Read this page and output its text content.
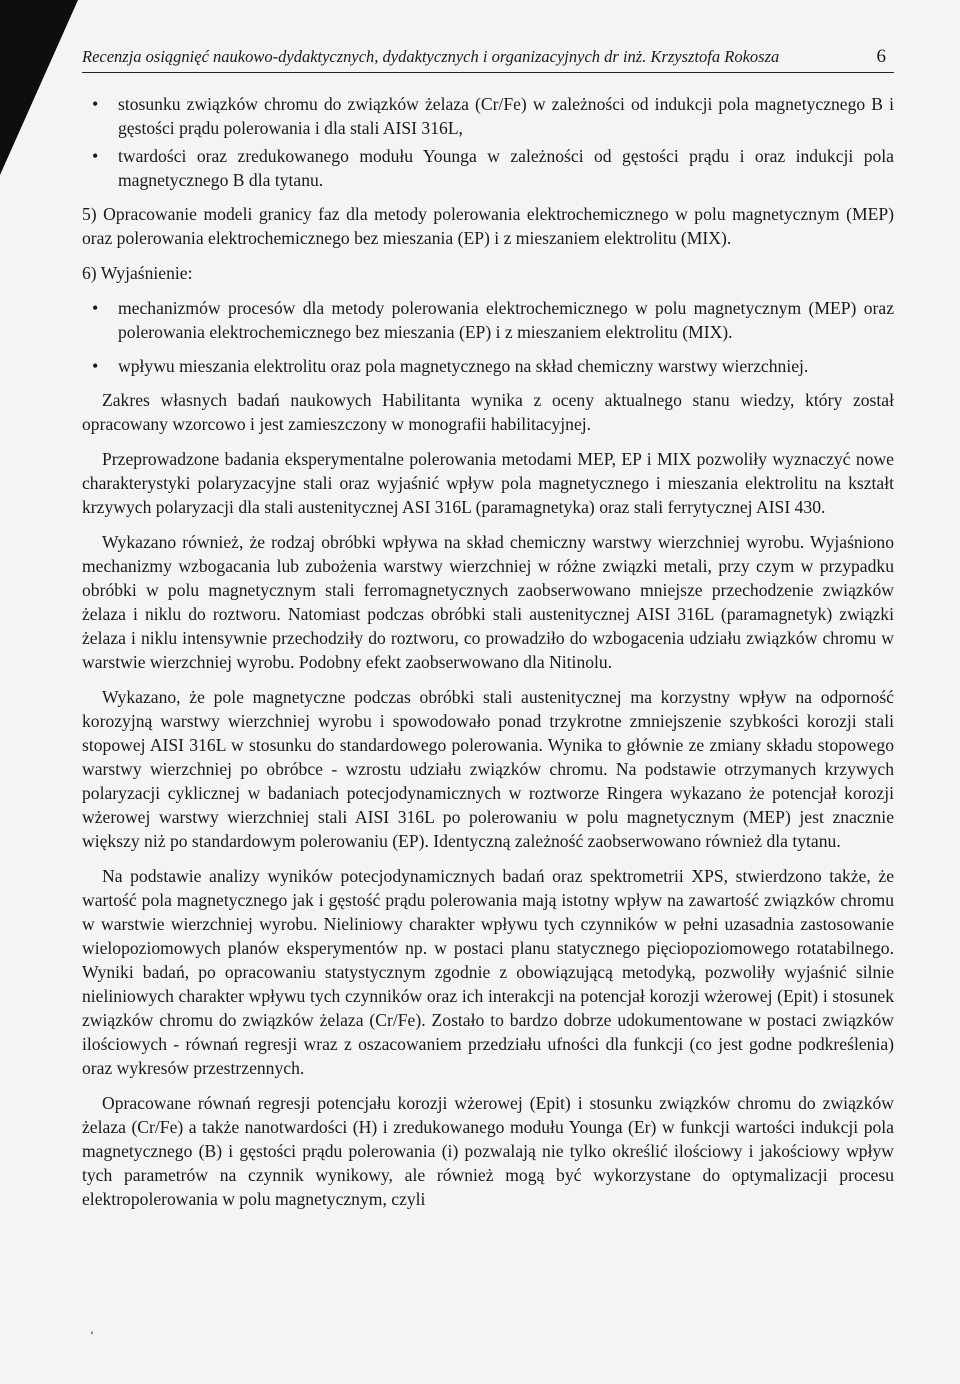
Recenzja osiągnięć naukowo-dydaktycznych, dydaktycznych i organizacyjnych dr inż. Krzysztofa Rokosza	6
• stosunku związków chromu do związków żelaza (Cr/Fe) w zależności od indukcji pola magnetycznego B i gęstości prądu polerowania i dla stali AISI 316L,
• twardości oraz zredukowanego modułu Younga w zależności od gęstości prądu i oraz indukcji pola magnetycznego B dla tytanu.

5) Opracowanie modeli granicy faz dla metody polerowania elektrochemicznego w polu magnetycznym (MEP) oraz polerowania elektrochemicznego bez mieszania (EP) i z mieszaniem elektrolitu (MIX).

6) Wyjaśnienie:

• mechanizmów procesów dla metody polerowania elektrochemicznego w polu magnetycznym (MEP) oraz polerowania elektrochemicznego bez mieszania (EP) i z mieszaniem elektrolitu (MIX).
• wpływu mieszania elektrolitu oraz pola magnetycznego na skład chemiczny warstwy wierzchniej.

Zakres własnych badań naukowych Habilitanta wynika z oceny aktualnego stanu wiedzy, który został opracowany wzorcowo i jest zamieszczony w monografii habilitacyjnej.

Przeprowadzone badania eksperymentalne polerowania metodami MEP, EP i MIX pozwoliły wyznaczyć nowe charakterystyki polaryzacyjne stali oraz wyjaśnić wpływ pola magnetycznego i mieszania elektrolitu na kształt krzywych polaryzacji dla stali austenitycznej ASI 316L (paramagnetyka) oraz stali ferrytycznej AISI 430.

Wykazano również, że rodzaj obróbki wpływa na skład chemiczny warstwy wierzchniej wyrobu. Wyjaśniono mechanizmy wzbogacania lub zubożenia warstwy wierzchniej w różne związki metali, przy czym w przypadku obróbki w polu magnetycznym stali ferromagnetycznych zaobserwowano mniejsze przechodzenie związków żelaza i niklu do roztworu. Natomiast podczas obróbki stali austenitycznej AISI 316L (paramagnetyk) związki żelaza i niklu intensywnie przechodziły do roztworu, co prowadziło do wzbogacenia udziału związków chromu w warstwie wierzchniej wyrobu. Podobny efekt zaobserwowano dla Nitinolu.

Wykazano, że pole magnetyczne podczas obróbki stali austenitycznej ma korzystny wpływ na odporność korozyjną warstwy wierzchniej wyrobu i spowodowało ponad trzykrotne zmniejszenie szybkości korozji stali stopowej AISI 316L w stosunku do standardowego polerowania. Wynika to głównie ze zmiany składu stopowego warstwy wierzchniej po obróbce - wzrostu udziału związków chromu. Na podstawie otrzymanych krzywych polaryzacji cyklicznej w badaniach potecjodynamicznych w roztworze Ringera wykazano że potencjał korozji wżerowej warstwy wierzchniej stali AISI 316L po polerowaniu w polu magnetycznym (MEP) jest znacznie większy niż po standardowym polerowaniu (EP). Identyczną zależność zaobserwowano również dla tytanu.

Na podstawie analizy wyników potecjodynamicznych badań oraz spektrometrii XPS, stwierdzono także, że wartość pola magnetycznego jak i gęstość prądu polerowania mają istotny wpływ na zawartość związków chromu w warstwie wierzchniej wyrobu. Nieliniowy charakter wpływu tych czynników w pełni uzasadnia zastosowanie wielopoziomowych planów eksperymentów np. w postaci planu statycznego pięciopoziomowego rotatabilnego. Wyniki badań, po opracowaniu statystycznym zgodnie z obowiązującą metodyką, pozwoliły wyjaśnić silnie nieliniowych charakter wpływu tych czynników oraz ich interakcji na potencjał korozji wżerowej (Epit) i stosunek związków chromu do związków żelaza (Cr/Fe). Zostało to bardzo dobrze udokumentowane w postaci związków ilościowych - równań regresji wraz z oszacowaniem przedziału ufności dla funkcji (co jest godne podkreślenia) oraz wykresów przestrzennych.

Opracowane równań regresji potencjału korozji wżerowej (Epit) i stosunku związków chromu do związków żelaza (Cr/Fe) a także nanotwardości (H) i zredukowanego modułu Younga (Er) w funkcji wartości indukcji pola magnetycznego (B) i gęstości prądu polerowania (i) pozwalają nie tylko określić ilościowy i jakościowy wpływ tych parametrów na czynnik wynikowy, ale również mogą być wykorzystane do optymalizacji procesu elektropolerowania w polu magnetycznym, czyli

ʻ
